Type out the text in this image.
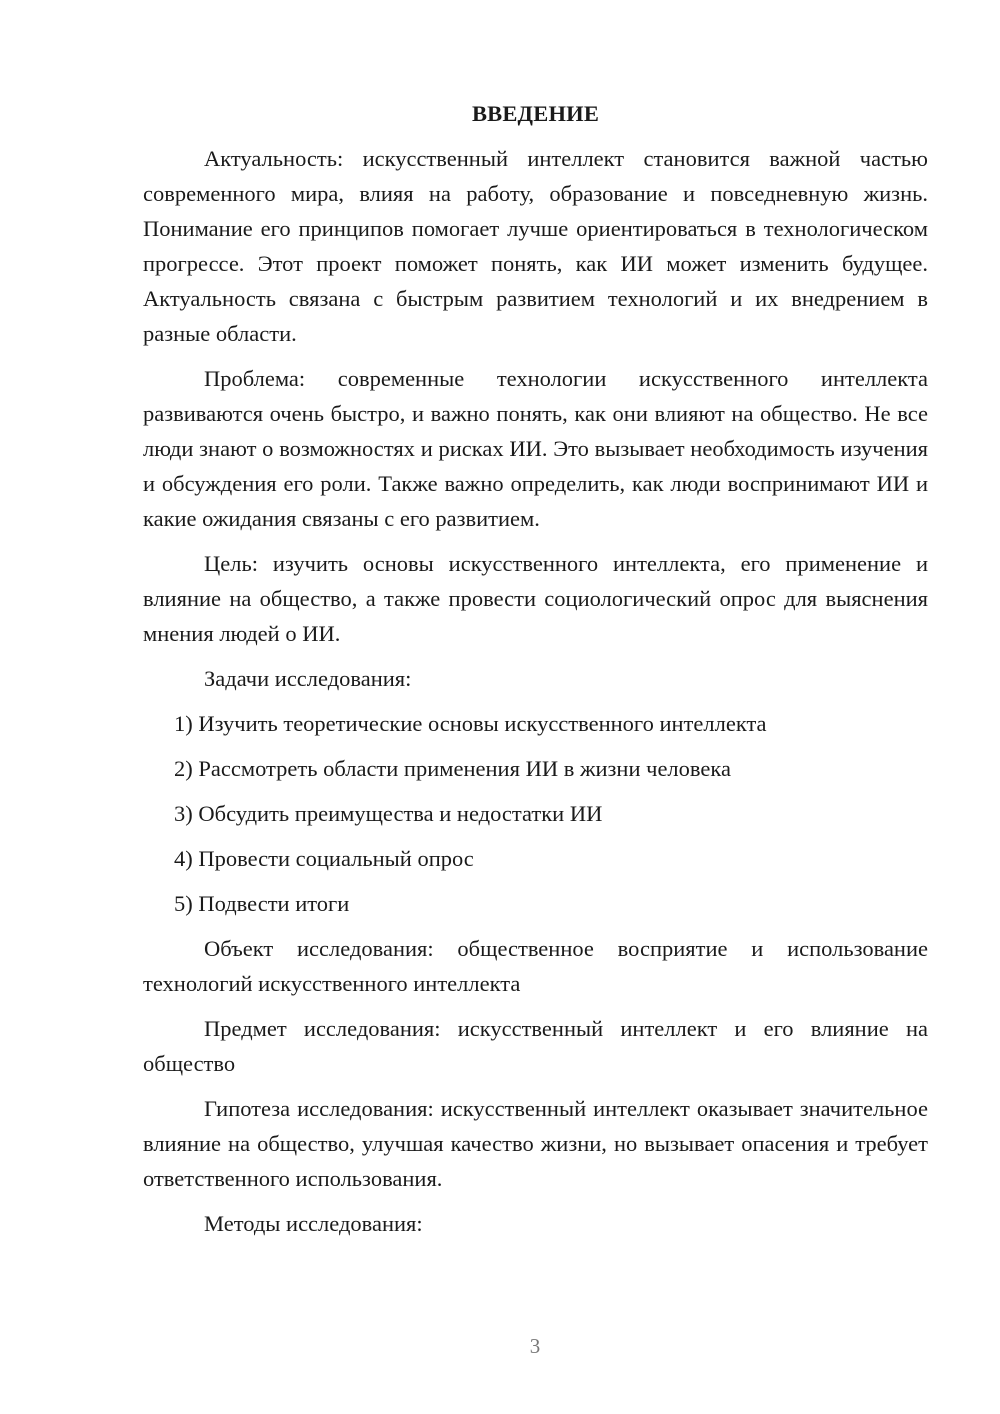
ВВЕДЕНИЕ

Актуальность: искусственный интеллект становится важной частью современного мира, влияя на работу, образование и повседневную жизнь. Понимание его принципов помогает лучше ориентироваться в технологическом прогрессе. Этот проект поможет понять, как ИИ может изменить будущее. Актуальность связана с быстрым развитием технологий и их внедрением в разные области.

Проблема: современные технологии искусственного интеллекта развиваются очень быстро, и важно понять, как они влияют на общество. Не все люди знают о возможностях и рисках ИИ. Это вызывает необходимость изучения и обсуждения его роли. Также важно определить, как люди воспринимают ИИ и какие ожидания связаны с его развитием.

Цель: изучить основы искусственного интеллекта, его применение и влияние на общество, а также провести социологический опрос для выяснения мнения людей о ИИ.

Задачи исследования:

1) Изучить теоретические основы искусственного интеллекта
2) Рассмотреть области применения ИИ в жизни человека
3) Обсудить преимущества и недостатки ИИ
4) Провести социальный опрос
5) Подвести итоги

Объект исследования: общественное восприятие и использование технологий искусственного интеллекта

Предмет исследования: искусственный интеллект и его влияние на общество

Гипотеза исследования: искусственный интеллект оказывает значительное влияние на общество, улучшая качество жизни, но вызывает опасения и требует ответственного использования.

Методы исследования:

3
